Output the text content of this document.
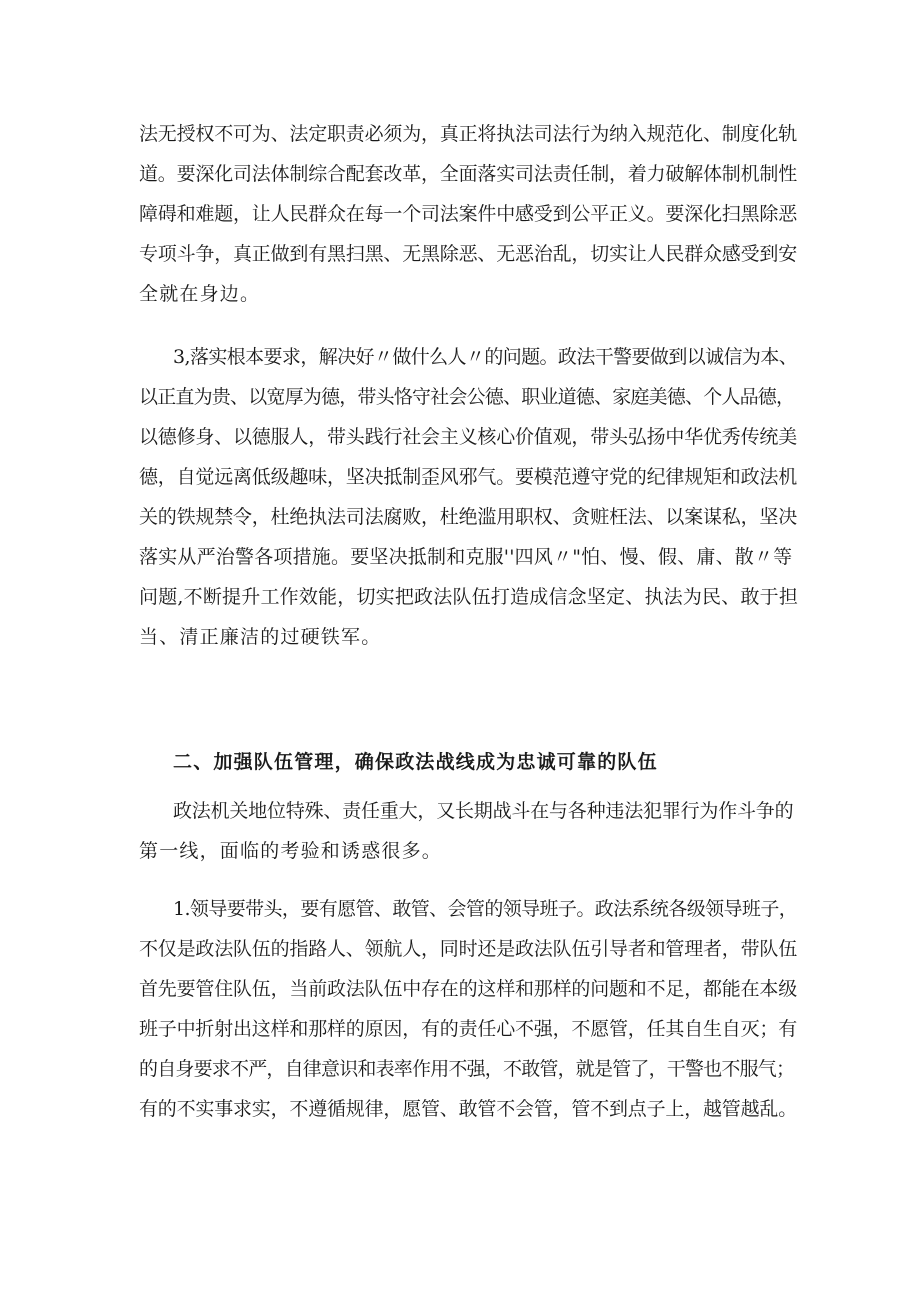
法无授权不可为、法定职责必须为，真正将执法司法行为纳入规范化、制度化轨
道。要深化司法体制综合配套改革，全面落实司法责任制，着力破解体制机制性
障碍和难题，让人民群众在每一个司法案件中感受到公平正义。要深化扫黑除恶
专项斗争，真正做到有黑扫黑、无黑除恶、无恶治乱，切实让人民群众感受到安
全就在身边。
3,落实根本要求，解决好〃做什么人〃的问题。政法干警要做到以诚信为本、
以正直为贵、以宽厚为德，带头恪守社会公德、职业道德、家庭美德、个人品德，
以德修身、以德服人，带头践行社会主义核心价值观，带头弘扬中华优秀传统美
德，自觉远离低级趣味，坚决抵制歪风邪气。要模范遵守党的纪律规矩和政法机
关的铁规禁令，杜绝执法司法腐败，杜绝滥用职权、贪赃枉法、以案谋私，坚决
落实从严治警各项措施。要坚决抵制和克服''四风〃"怕、慢、假、庸、散〃等
问题,不断提升工作效能，切实把政法队伍打造成信念坚定、执法为民、敢于担
当、清正廉洁的过硬铁军。
二、加强队伍管理，确保政法战线成为忠诚可靠的队伍
政法机关地位特殊、责任重大，又长期战斗在与各种违法犯罪行为作斗争的
第一线，面临的考验和诱惑很多。
1.领导要带头，要有愿管、敢管、会管的领导班子。政法系统各级领导班子，
不仅是政法队伍的指路人、领航人，同时还是政法队伍引导者和管理者，带队伍
首先要管住队伍，当前政法队伍中存在的这样和那样的问题和不足，都能在本级
班子中折射出这样和那样的原因，有的责任心不强，不愿管，任其自生自灭；有
的自身要求不严，自律意识和表率作用不强，不敢管，就是管了，干警也不服气；
有的不实事求实，不遵循规律，愿管、敢管不会管，管不到点子上，越管越乱。
